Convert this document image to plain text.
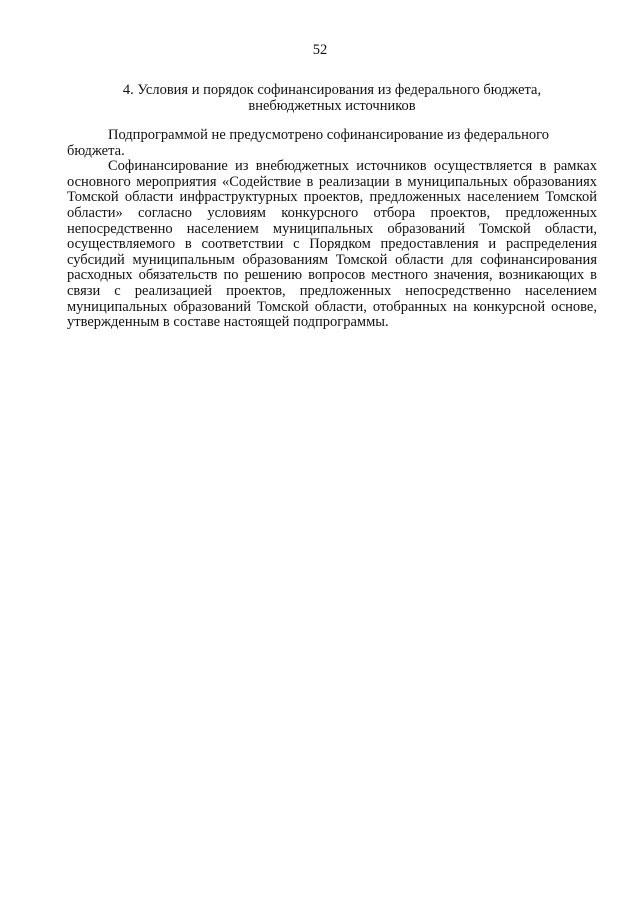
52
4. Условия и порядок софинансирования из федерального бюджета,
внебюджетных источников

Подпрограммой не предусмотрено софинансирование из федерального бюджета.

Софинансирование из внебюджетных источников осуществляется в рамках основного мероприятия «Содействие в реализации в муниципальных образованиях Томской области инфраструктурных проектов, предложенных населением Томской области» согласно условиям конкурсного отбора проектов, предложенных непосредственно населением муниципальных образований Томской области, осуществляемого в соответствии с Порядком предоставления и распределения субсидий муниципальным образованиям Томской области для софинансирования расходных обязательств по решению вопросов местного значения, возникающих в связи с реализацией проектов, предложенных непосредственно населением муниципальных образований Томской области, отобранных на конкурсной основе, утвержденным в составе настоящей подпрограммы.
